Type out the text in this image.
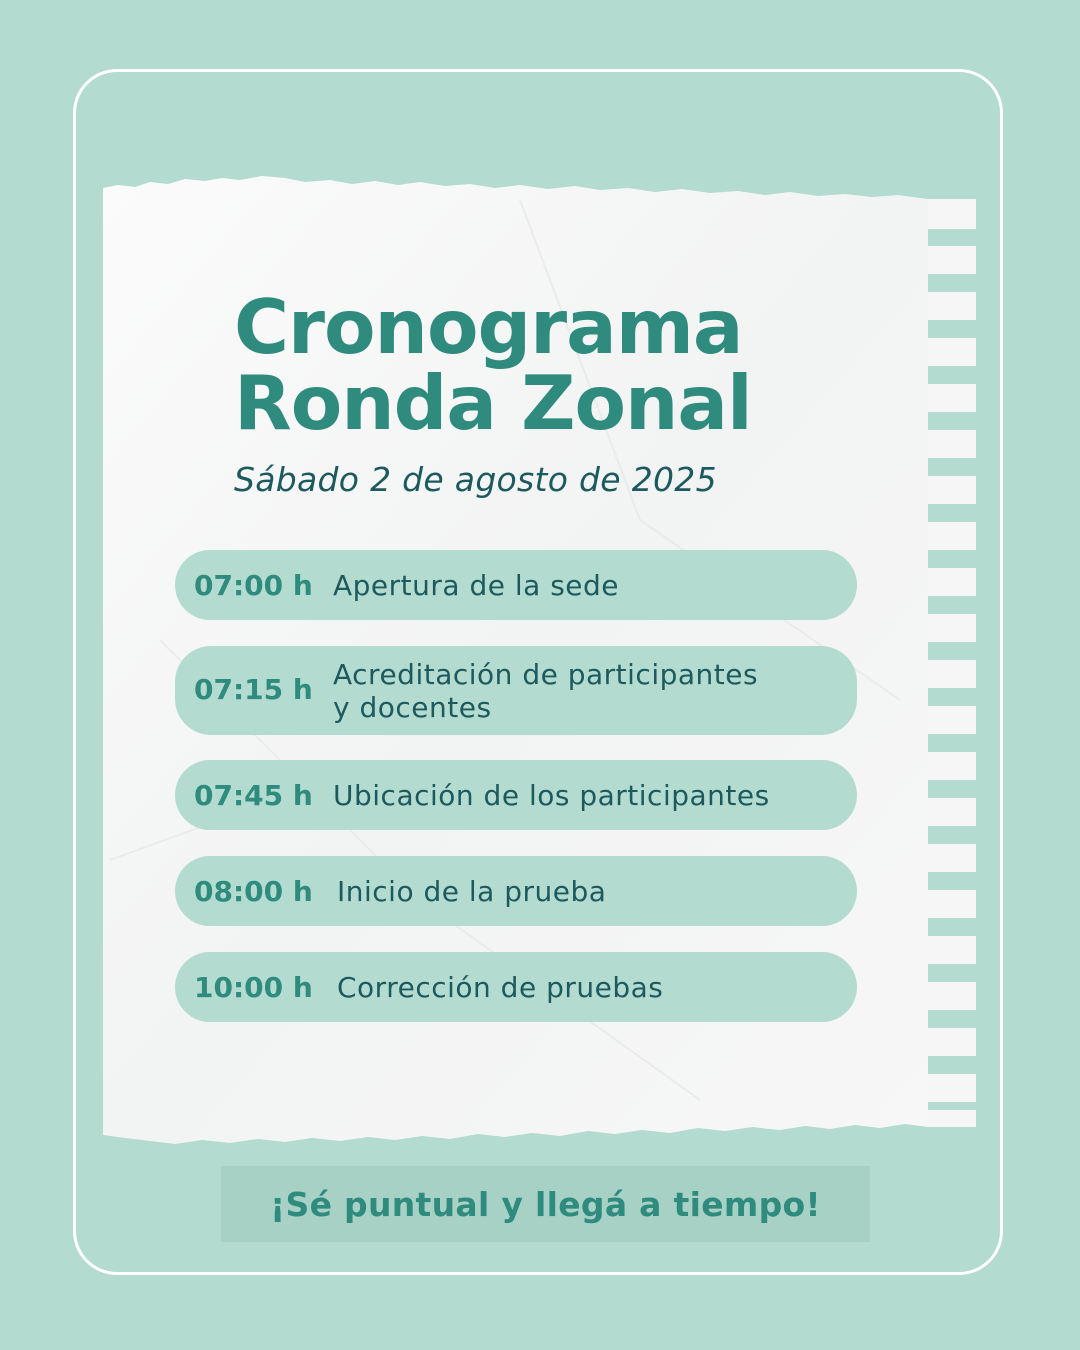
Cronograma
Ronda Zonal
Sábado 2 de agosto de 2025
07:00 h Apertura de la sede
07:15 h Acreditación de participantes
y docentes
07:45 h Ubicación de los participantes
08:00 h Inicio de la prueba
10:00 h Corrección de pruebas
¡Sé puntual y llegá a tiempo!
